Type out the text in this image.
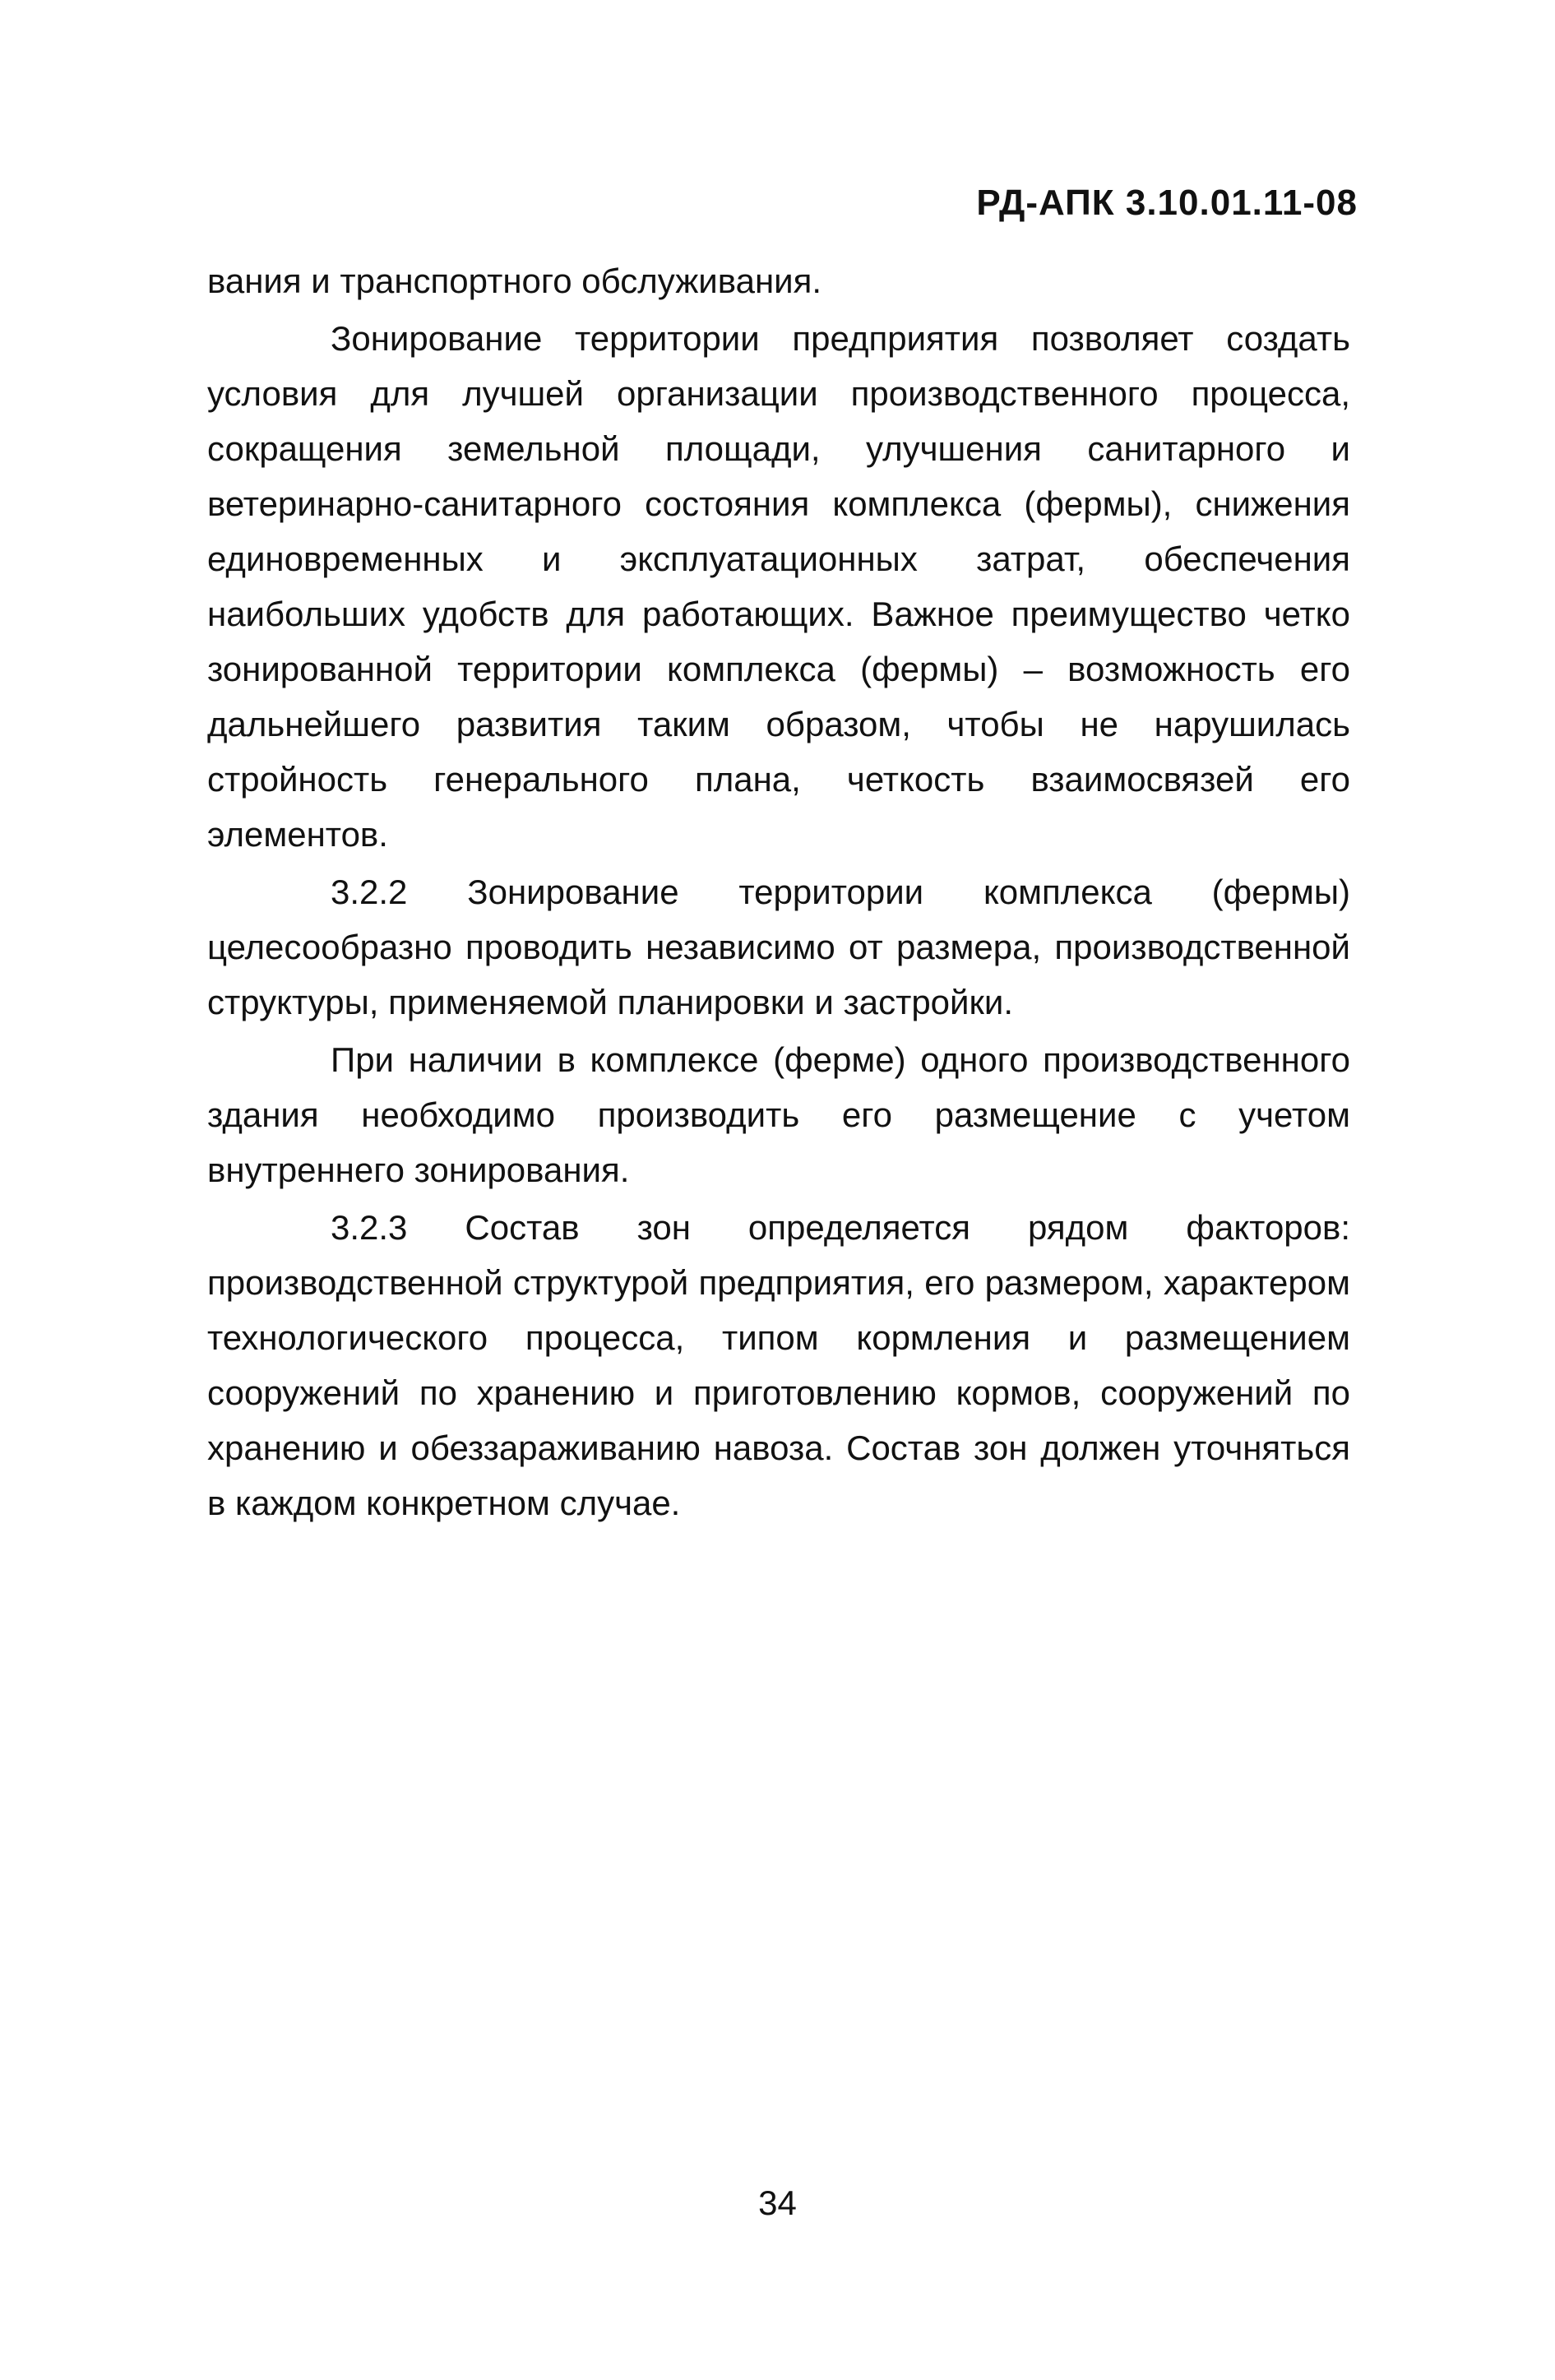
РД-АПК 3.10.01.11-08

вания и транспортного обслуживания.

Зонирование территории предприятия позволяет создать условия для лучшей организации производственного процесса, сокращения земельной площади, улучшения санитарного и ветеринарно-санитарного состояния комплекса (фермы), снижения единовременных и эксплуатационных затрат, обеспечения наибольших удобств для работающих. Важное преимущество четко зонированной территории комплекса (фермы) – возможность его дальнейшего развития таким образом, чтобы не нарушилась стройность генерального плана, четкость взаимосвязей его элементов.

3.2.2 Зонирование территории комплекса (фермы) целесообразно проводить независимо от размера, производственной структуры, применяемой планировки и застройки.

При наличии в комплексе (ферме) одного производственного здания необходимо производить его размещение с учетом внутреннего зонирования.

3.2.3 Состав зон определяется рядом факторов: производственной структурой предприятия, его размером, характером технологического процесса, типом кормления и размещением сооружений по хранению и приготовлению кормов, сооружений по хранению и обеззараживанию навоза. Состав зон должен уточняться в каждом конкретном случае.

34
